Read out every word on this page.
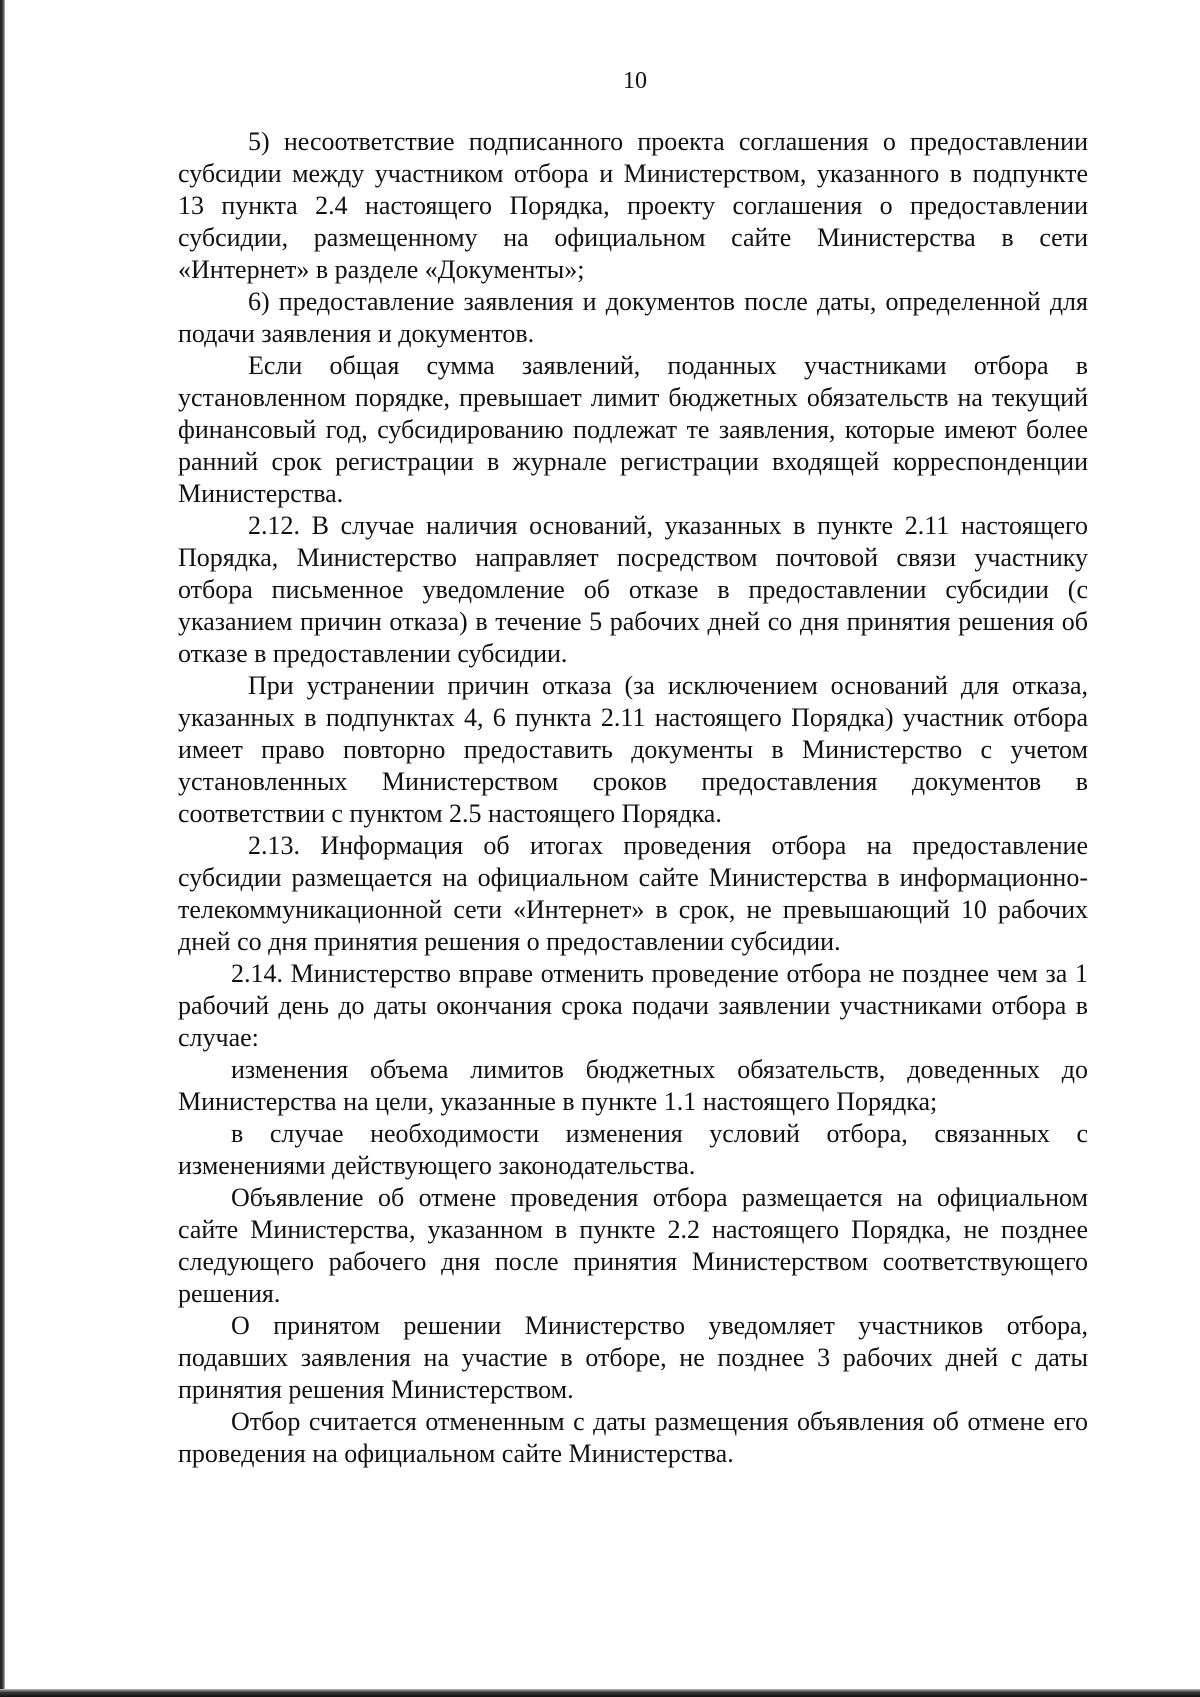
10

5) несоответствие подписанного проекта соглашения о предоставлении субсидии между участником отбора и Министерством, указанного в подпункте 13 пункта 2.4 настоящего Порядка, проекту соглашения о предоставлении субсидии, размещенному на официальном сайте Министерства в сети «Интернет» в разделе «Документы»;

6) предоставление заявления и документов после даты, определенной для подачи заявления и документов.

Если общая сумма заявлений, поданных участниками отбора в установленном порядке, превышает лимит бюджетных обязательств на текущий финансовый год, субсидированию подлежат те заявления, которые имеют более ранний срок регистрации в журнале регистрации входящей корреспонденции Министерства.

2.12. В случае наличия оснований, указанных в пункте 2.11 настоящего Порядка, Министерство направляет посредством почтовой связи участнику отбора письменное уведомление об отказе в предоставлении субсидии (с указанием причин отказа) в течение 5 рабочих дней со дня принятия решения об отказе в предоставлении субсидии.

При устранении причин отказа (за исключением оснований для отказа, указанных в подпунктах 4, 6 пункта 2.11 настоящего Порядка) участник отбора имеет право повторно предоставить документы в Министерство с учетом установленных Министерством сроков предоставления документов в соответствии с пунктом 2.5 настоящего Порядка.

2.13. Информация об итогах проведения отбора на предоставление субсидии размещается на официальном сайте Министерства в информационно-телекоммуникационной сети «Интернет» в срок, не превышающий 10 рабочих дней со дня принятия решения о предоставлении субсидии.

2.14. Министерство вправе отменить проведение отбора не позднее чем за 1 рабочий день до даты окончания срока подачи заявлении участниками отбора в случае:

изменения объема лимитов бюджетных обязательств, доведенных до Министерства на цели, указанные в пункте 1.1 настоящего Порядка;

в случае необходимости изменения условий отбора, связанных с изменениями действующего законодательства.

Объявление об отмене проведения отбора размещается на официальном сайте Министерства, указанном в пункте 2.2 настоящего Порядка, не позднее следующего рабочего дня после принятия Министерством соответствующего решения.

О принятом решении Министерство уведомляет участников отбора, подавших заявления на участие в отборе, не позднее 3 рабочих дней с даты принятия решения Министерством.

Отбор считается отмененным с даты размещения объявления об отмене его проведения на официальном сайте Министерства.
